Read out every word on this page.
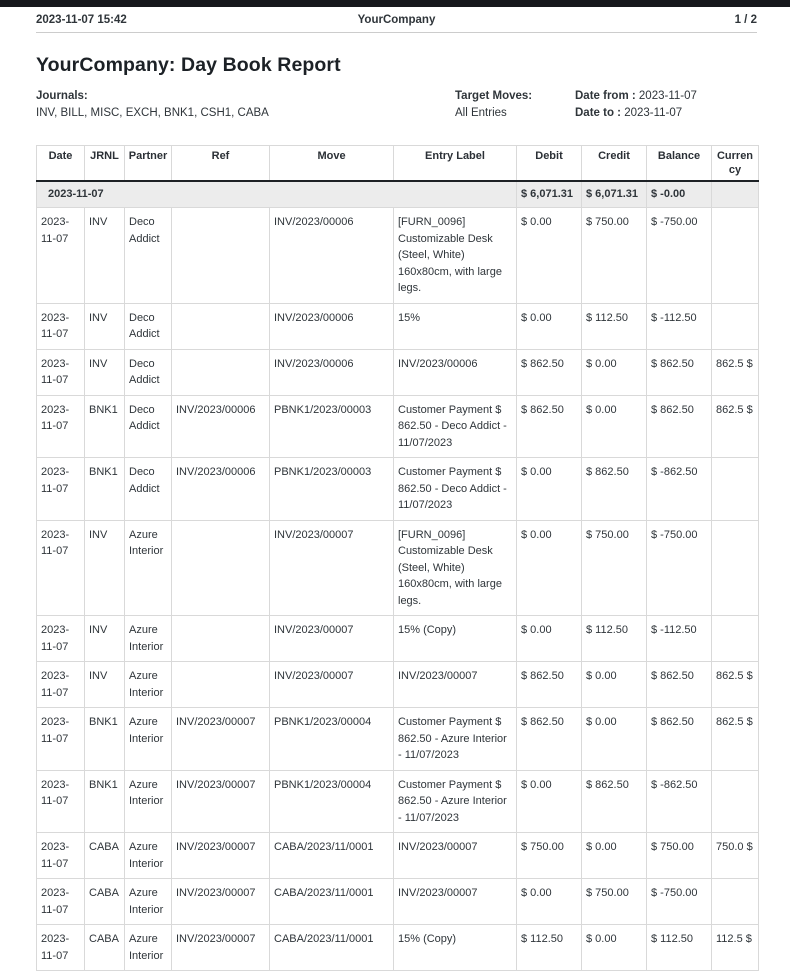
2023-11-07 15:42	YourCompany	1 / 2
YourCompany: Day Book Report
Journals:
INV, BILL, MISC, EXCH, BNK1, CSH1, CABA
Target Moves:
All Entries
Date from : 2023-11-07
Date to : 2023-11-07
Date	JRNL	Partner	Ref	Move	Entry Label	Debit	Credit	Balance	Currency
2023-11-07						$ 6,071.31	$ 6,071.31	$ -0.00	
2023-11-07	INV	Deco Addict		INV/2023/00006	[FURN_0096] Customizable Desk (Steel, White) 160x80cm, with large legs.	$ 0.00	$ 750.00	$ -750.00	
2023-11-07	INV	Deco Addict		INV/2023/00006	15%	$ 0.00	$ 112.50	$ -112.50	
2023-11-07	INV	Deco Addict		INV/2023/00006	INV/2023/00006	$ 862.50	$ 0.00	$ 862.50	862.5 $
2023-11-07	BNK1	Deco Addict	INV/2023/00006	PBNK1/2023/00003	Customer Payment $ 862.50 - Deco Addict - 11/07/2023	$ 862.50	$ 0.00	$ 862.50	862.5 $
2023-11-07	BNK1	Deco Addict	INV/2023/00006	PBNK1/2023/00003	Customer Payment $ 862.50 - Deco Addict - 11/07/2023	$ 0.00	$ 862.50	$ -862.50	
2023-11-07	INV	Azure Interior		INV/2023/00007	[FURN_0096] Customizable Desk (Steel, White) 160x80cm, with large legs.	$ 0.00	$ 750.00	$ -750.00	
2023-11-07	INV	Azure Interior		INV/2023/00007	15% (Copy)	$ 0.00	$ 112.50	$ -112.50	
2023-11-07	INV	Azure Interior		INV/2023/00007	INV/2023/00007	$ 862.50	$ 0.00	$ 862.50	862.5 $
2023-11-07	BNK1	Azure Interior	INV/2023/00007	PBNK1/2023/00004	Customer Payment $ 862.50 - Azure Interior - 11/07/2023	$ 862.50	$ 0.00	$ 862.50	862.5 $
2023-11-07	BNK1	Azure Interior	INV/2023/00007	PBNK1/2023/00004	Customer Payment $ 862.50 - Azure Interior - 11/07/2023	$ 0.00	$ 862.50	$ -862.50	
2023-11-07	CABA	Azure Interior	INV/2023/00007	CABA/2023/11/0001	INV/2023/00007	$ 750.00	$ 0.00	$ 750.00	750.0 $
2023-11-07	CABA	Azure Interior	INV/2023/00007	CABA/2023/11/0001	INV/2023/00007	$ 0.00	$ 750.00	$ -750.00	
2023-11-07	CABA	Azure Interior	INV/2023/00007	CABA/2023/11/0001	15% (Copy)	$ 112.50	$ 0.00	$ 112.50	112.5 $
